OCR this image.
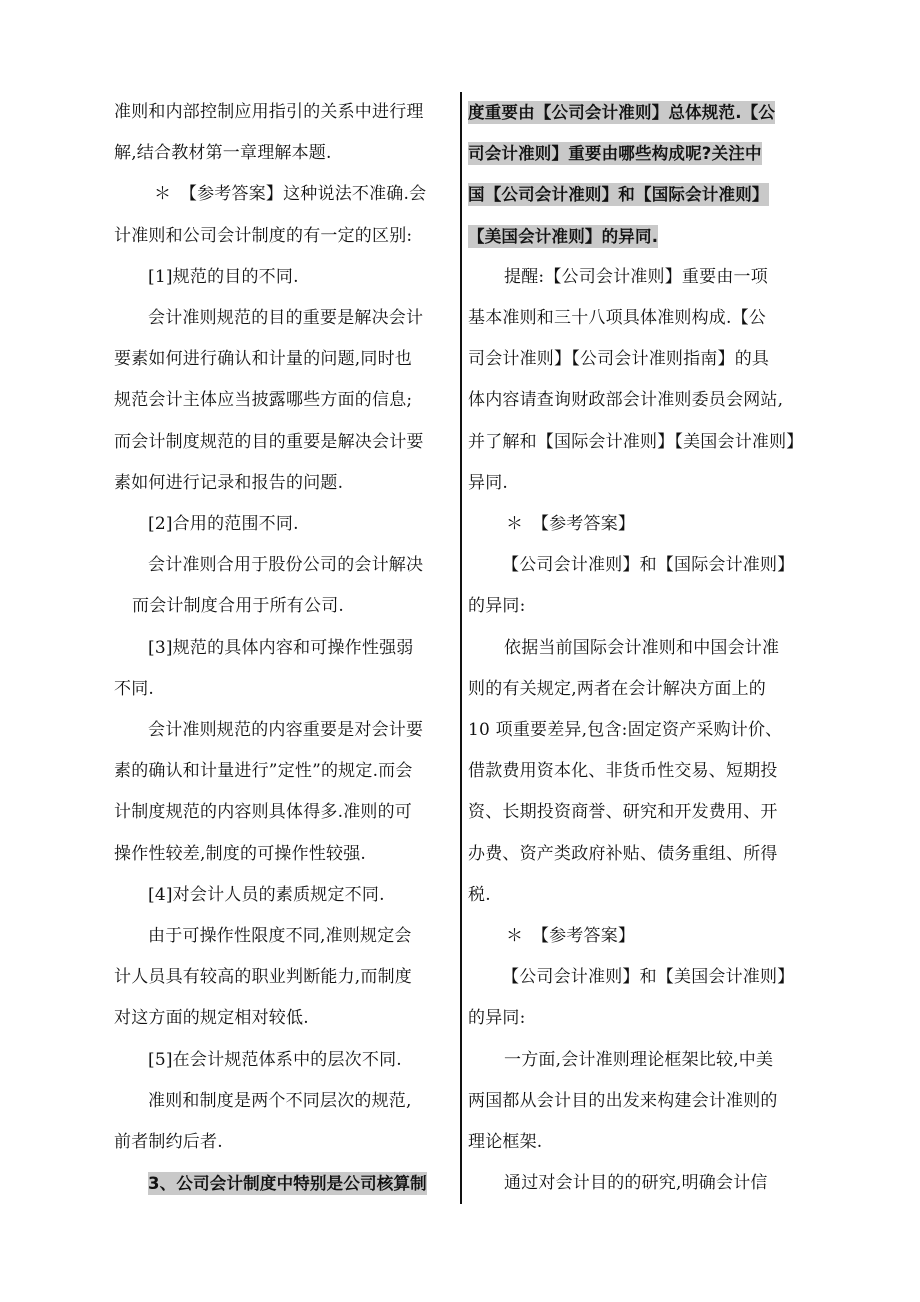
准则和内部控制应用指引的关系中进行理
解,结合教材第一章理解本题.
＊　【参考答案】这种说法不准确.会
计准则和公司会计制度的有一定的区别:
[1]规范的目的不同.
会计准则规范的目的重要是解决会计
要素如何进行确认和计量的问题,同时也
规范会计主体应当披露哪些方面的信息;
而会计制度规范的目的重要是解决会计要
素如何进行记录和报告的问题.
[2]合用的范围不同.
会计准则合用于股份公司的会计解决
而会计制度合用于所有公司.
[3]规范的具体内容和可操作性强弱
不同.
会计准则规范的内容重要是对会计要
素的确认和计量进行”定性”的规定.而会
计制度规范的内容则具体得多.准则的可
操作性较差,制度的可操作性较强.
[4]对会计人员的素质规定不同.
由于可操作性限度不同,准则规定会
计人员具有较高的职业判断能力,而制度
对这方面的规定相对较低.
[5]在会计规范体系中的层次不同.
准则和制度是两个不同层次的规范,
前者制约后者.
3、公司会计制度中特别是公司核算制
度重要由【公司会计准则】总体规范.【公
司会计准则】重要由哪些构成呢?关注中
国【公司会计准则】和【国际会计准则】
【美国会计准则】的异同.
提醒:【公司会计准则】重要由一项
基本准则和三十八项具体准则构成.【公
司会计准则】【公司会计准则指南】的具
体内容请查询财政部会计准则委员会网站,
并了解和【国际会计准则】【美国会计准则】
异同.
＊　【参考答案】
【公司会计准则】和【国际会计准则】
的异同:
依据当前国际会计准则和中国会计准
则的有关规定,两者在会计解决方面上的
10 项重要差异,包含:固定资产采购计价、
借款费用资本化、非货币性交易、短期投
资、长期投资商誉、研究和开发费用、开
办费、资产类政府补贴、债务重组、所得
税.
＊　【参考答案】
【公司会计准则】和【美国会计准则】
的异同:
一方面,会计准则理论框架比较,中美
两国都从会计目的出发来构建会计准则的
理论框架.
通过对会计目的的研究,明确会计信
